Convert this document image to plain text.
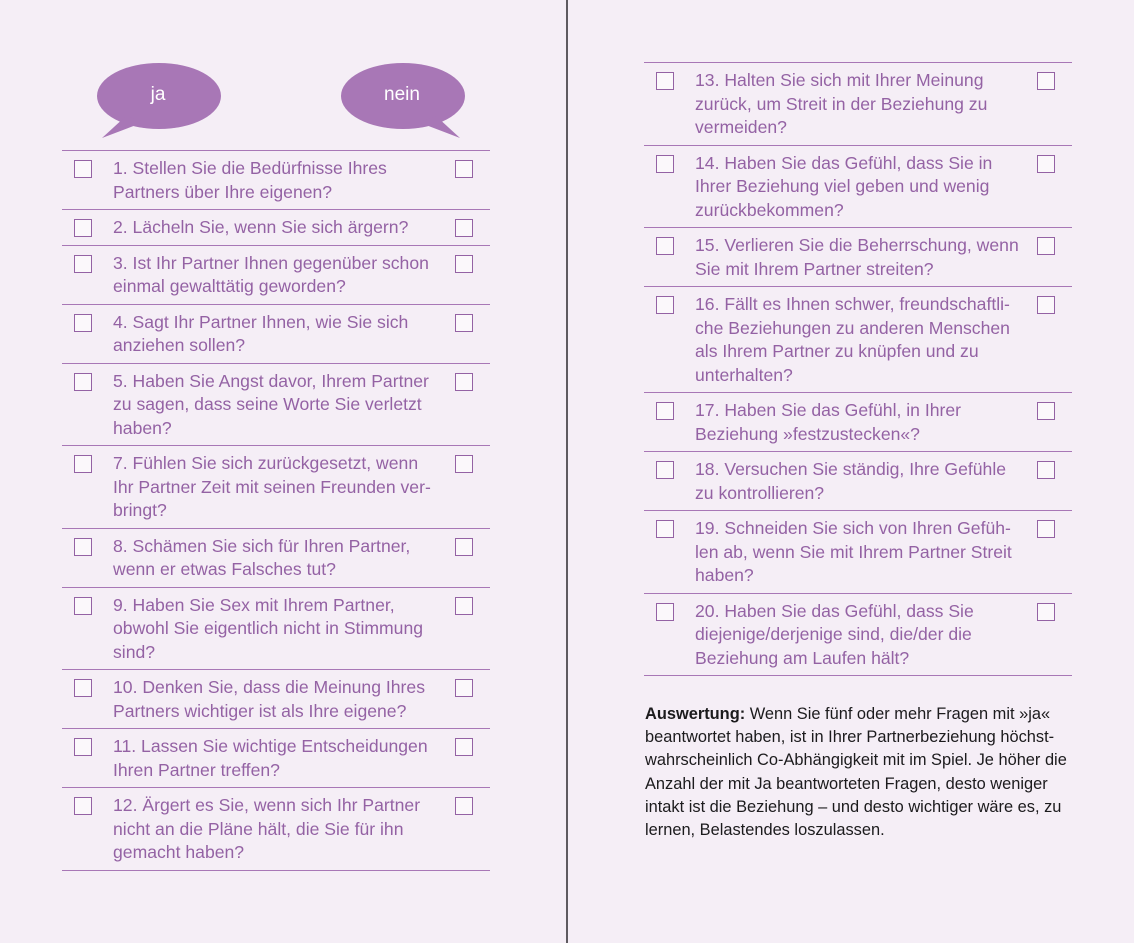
ja	nein
1. Stellen Sie die Bedürfnisse Ihres Partners über Ihre eigenen?
2. Lächeln Sie, wenn Sie sich ärgern?
3. Ist Ihr Partner Ihnen gegenüber schon einmal gewalttätig geworden?
4. Sagt Ihr Partner Ihnen, wie Sie sich anziehen sollen?
5. Haben Sie Angst davor, Ihrem Partner zu sagen, dass seine Worte Sie verletzt haben?
7. Fühlen Sie sich zurückgesetzt, wenn Ihr Partner Zeit mit seinen Freunden verbringt?
8. Schämen Sie sich für Ihren Partner, wenn er etwas Falsches tut?
9. Haben Sie Sex mit Ihrem Partner, obwohl Sie eigentlich nicht in Stimmung sind?
10. Denken Sie, dass die Meinung Ihres Partners wichtiger ist als Ihre eigene?
11. Lassen Sie wichtige Entscheidungen Ihren Partner treffen?
12. Ärgert es Sie, wenn sich Ihr Partner nicht an die Pläne hält, die Sie für ihn gemacht haben?
13. Halten Sie sich mit Ihrer Meinung zurück, um Streit in der Beziehung zu vermeiden?
14. Haben Sie das Gefühl, dass Sie in Ihrer Beziehung viel geben und wenig zurückbekommen?
15. Verlieren Sie die Beherrschung, wenn Sie mit Ihrem Partner streiten?
16. Fällt es Ihnen schwer, freundschaftliche Beziehungen zu anderen Menschen als Ihrem Partner zu knüpfen und zu unterhalten?
17. Haben Sie das Gefühl, in Ihrer Beziehung »festzustecken«?
18. Versuchen Sie ständig, Ihre Gefühle zu kontrollieren?
19. Schneiden Sie sich von Ihren Gefühlen ab, wenn Sie mit Ihrem Partner Streit haben?
20. Haben Sie das Gefühl, dass Sie diejenige/derjenige sind, die/der die Beziehung am Laufen hält?

Auswertung: Wenn Sie fünf oder mehr Fragen mit »ja« beantwortet haben, ist in Ihrer Partnerbeziehung höchstwahrscheinlich Co-Abhängigkeit mit im Spiel. Je höher die Anzahl der mit Ja beantworteten Fragen, desto weniger intakt ist die Beziehung – und desto wichtiger wäre es, zu lernen, Belastendes loszulassen.
